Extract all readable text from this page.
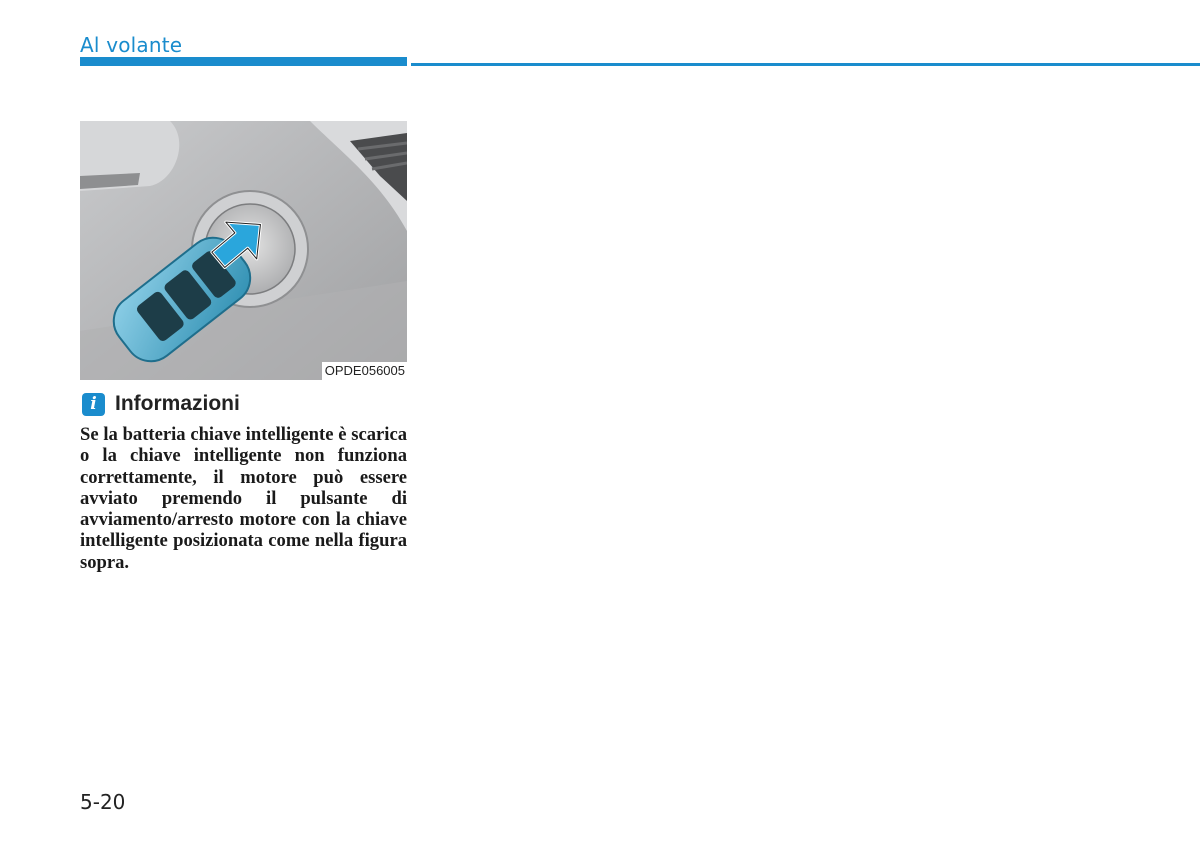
Al volante
OPDE056005
i Informazioni

Se la batteria chiave intelligente è scarica o la chiave intelligente non funziona correttamente, il motore può essere avviato premendo il pulsante di avviamento/arresto motore con la chiave intelligente posizionata come nella figura sopra.

5-20
